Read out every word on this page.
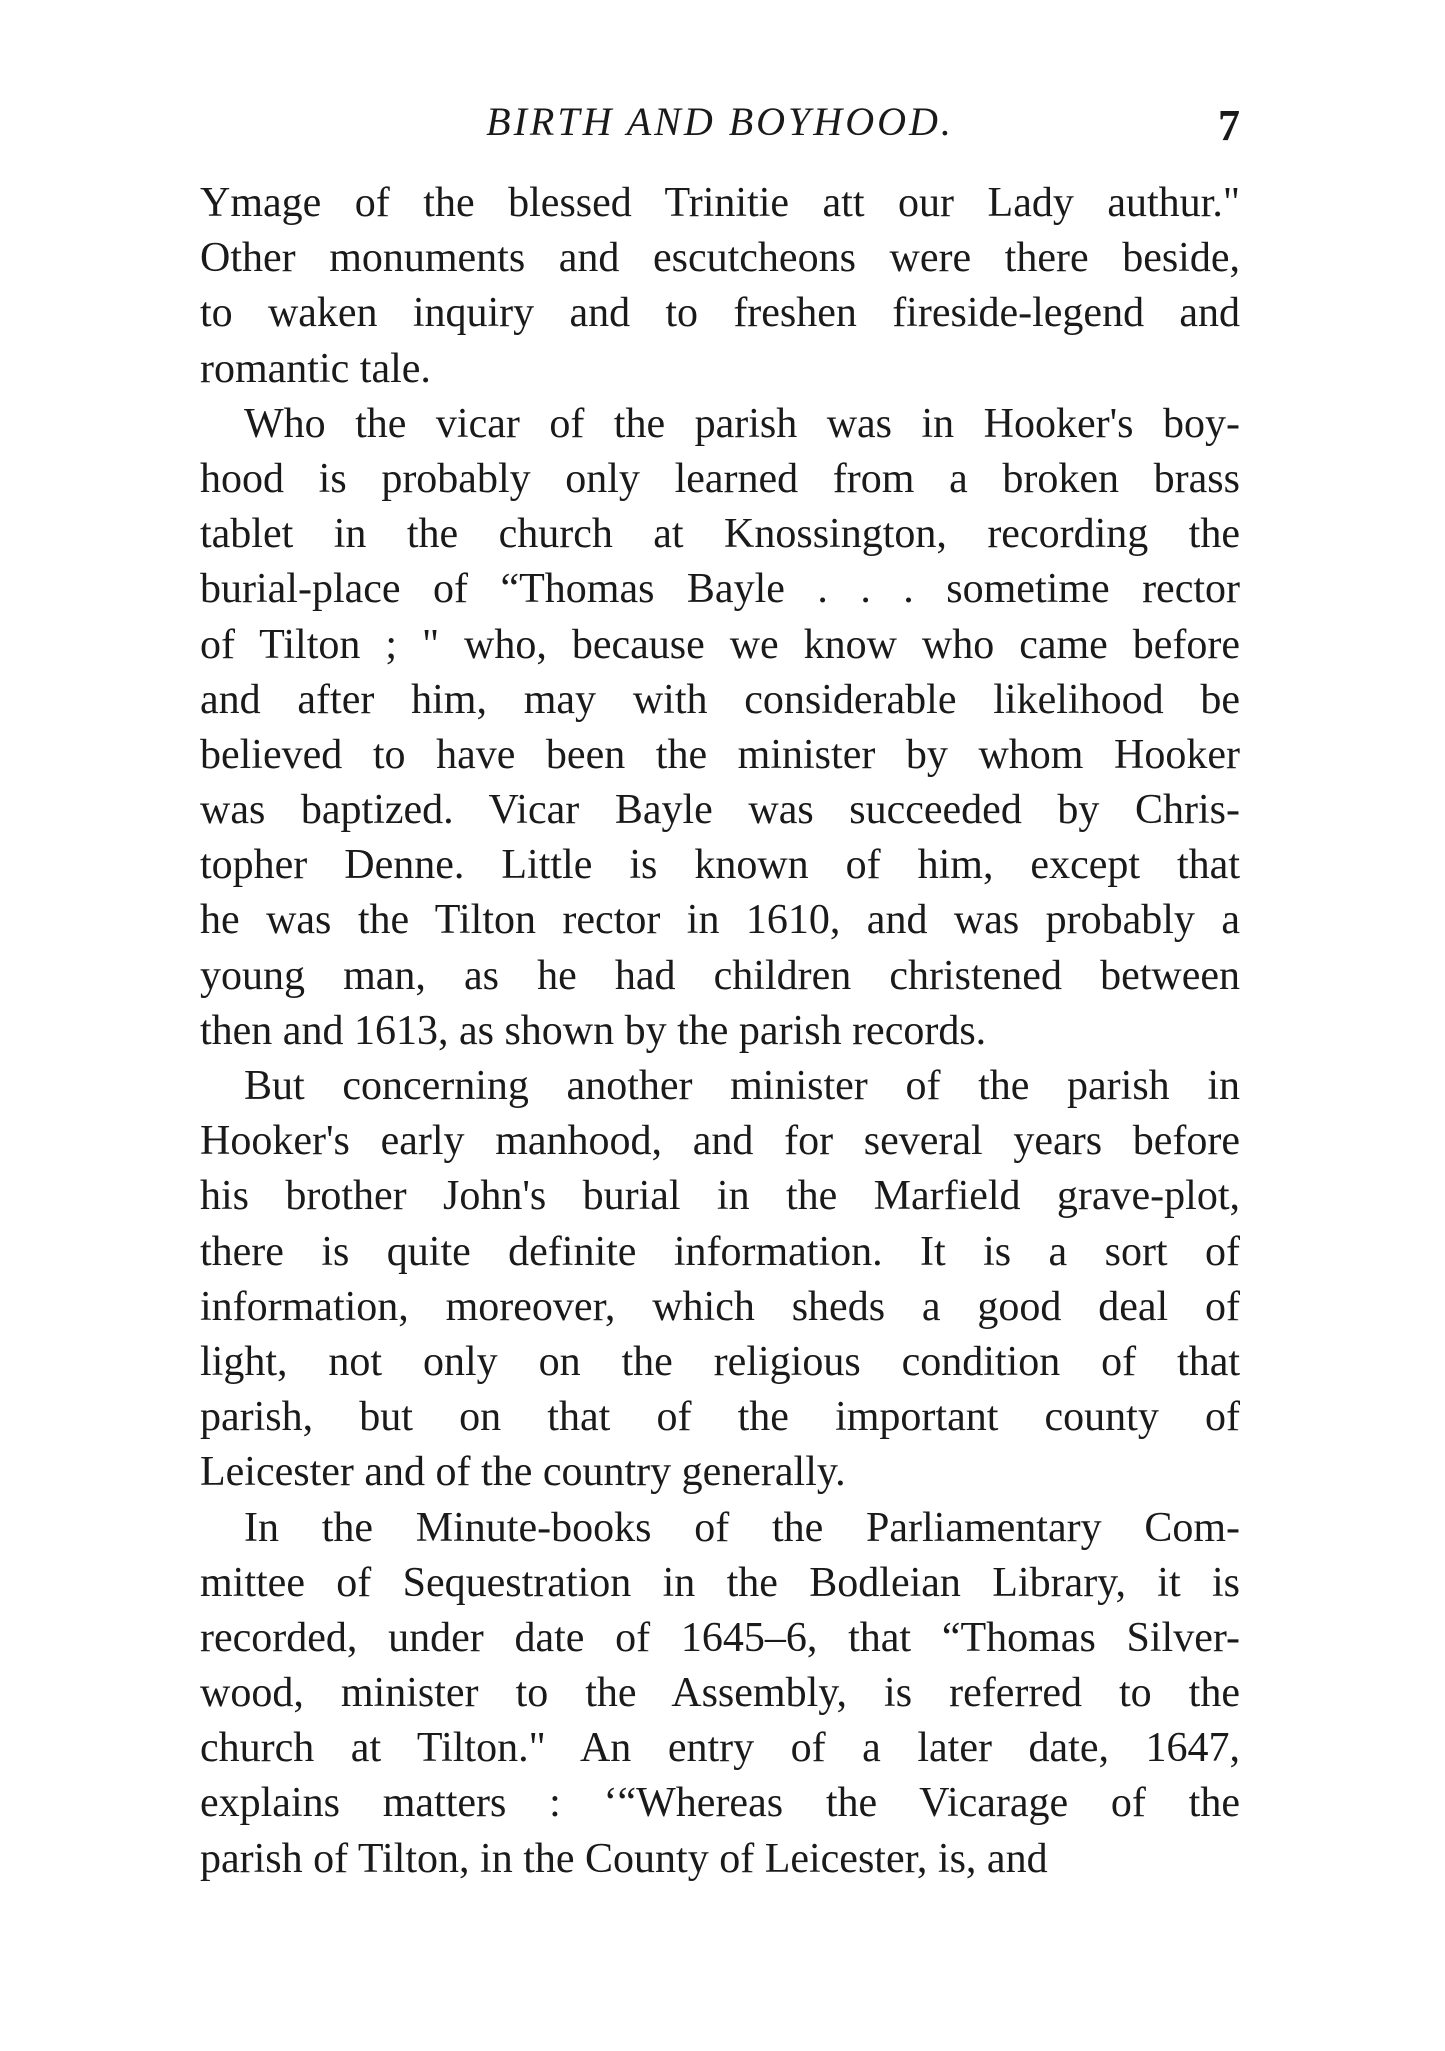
BIRTH AND BOYHOOD.	7
Ymage of the blessed Trinitie att our Lady authur."
Other monuments and escutcheons were there beside,
to waken inquiry and to freshen fireside-legend and
romantic tale.
Who the vicar of the parish was in Hooker's boy-
hood is probably only learned from a broken brass
tablet in the church at Knossington, recording the
burial-place of “Thomas Bayle . . . sometime rector
of Tilton ; " who, because we know who came before
and after him, may with considerable likelihood be
believed to have been the minister by whom Hooker
was baptized. Vicar Bayle was succeeded by Chris-
topher Denne. Little is known of him, except that
he was the Tilton rector in 1610, and was probably a
young man, as he had children christened between
then and 1613, as shown by the parish records.
But concerning another minister of the parish in
Hooker's early manhood, and for several years before
his brother John's burial in the Marfield grave-plot,
there is quite definite information. It is a sort of
information, moreover, which sheds a good deal of
light, not only on the religious condition of that
parish, but on that of the important county of
Leicester and of the country generally.
In the Minute-books of the Parliamentary Com-
mittee of Sequestration in the Bodleian Library, it is
recorded, under date of 1645–6, that “Thomas Silver-
wood, minister to the Assembly, is referred to the
church at Tilton." An entry of a later date, 1647,
explains matters : ‘“Whereas the Vicarage of the
parish of Tilton, in the County of Leicester, is, and
